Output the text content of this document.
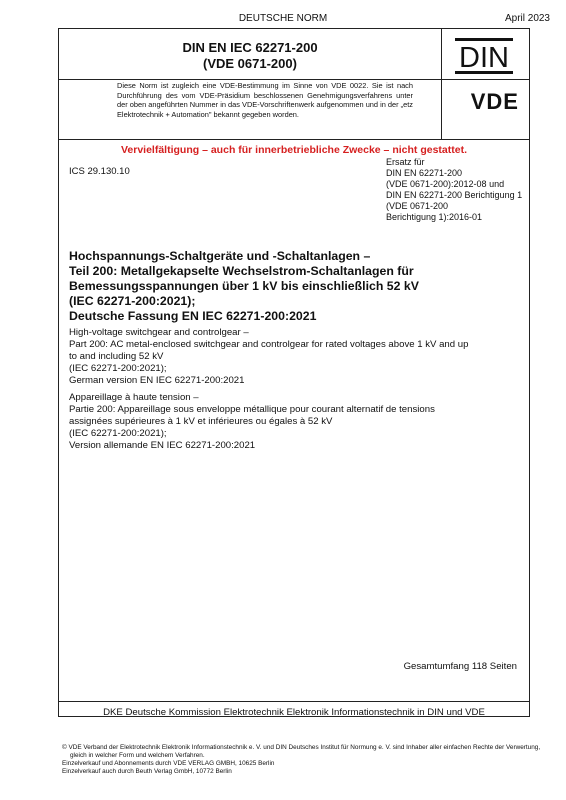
DEUTSCHE NORM	April 2023
DIN EN IEC 62271-200
(VDE 0671-200)	DIN
Diese Norm ist zugleich eine VDE-Bestimmung im Sinne von VDE 0022. Sie ist nach Durchführung des vom VDE-Präsidium beschlossenen Genehmigungsverfahrens unter der oben angeführten Nummer in das VDE-Vorschriftenwerk aufgenommen und in der „etz Elektrotechnik + Automation" bekannt gegeben worden.
VDE
Vervielfältigung – auch für innerbetriebliche Zwecke – nicht gestattet.
ICS 29.130.10
Ersatz für
DIN EN 62271-200
(VDE 0671-200):2012-08 und
DIN EN 62271-200 Berichtigung 1
(VDE 0671-200
Berichtigung 1):2016-01
Hochspannungs-Schaltgeräte und -Schaltanlagen –
Teil 200: Metallgekapselte Wechselstrom-Schaltanlagen für
Bemessungsspannungen über 1 kV bis einschließlich 52 kV
(IEC 62271-200:2021);
Deutsche Fassung EN IEC 62271-200:2021
High-voltage switchgear and controlgear –
Part 200: AC metal-enclosed switchgear and controlgear for rated voltages above 1 kV and up
to and including 52 kV
(IEC 62271-200:2021);
German version EN IEC 62271-200:2021
Appareillage à haute tension –
Partie 200: Appareillage sous enveloppe métallique pour courant alternatif de tensions
assignées supérieures à 1 kV et inférieures ou égales à 52 kV
(IEC 62271-200:2021);
Version allemande EN IEC 62271-200:2021
Gesamtumfang 118 Seiten
DKE Deutsche Kommission Elektrotechnik Elektronik Informationstechnik in DIN und VDE
© VDE Verband der Elektrotechnik Elektronik Informationstechnik e. V. und DIN Deutsches Institut für Normung e. V. sind Inhaber aller einfachen Rechte der Verwertung,
gleich in welcher Form und welchem Verfahren.
Einzelverkauf und Abonnements durch VDE VERLAG GMBH, 10625 Berlin
Einzelverkauf auch durch Beuth Verlag GmbH, 10772 Berlin
